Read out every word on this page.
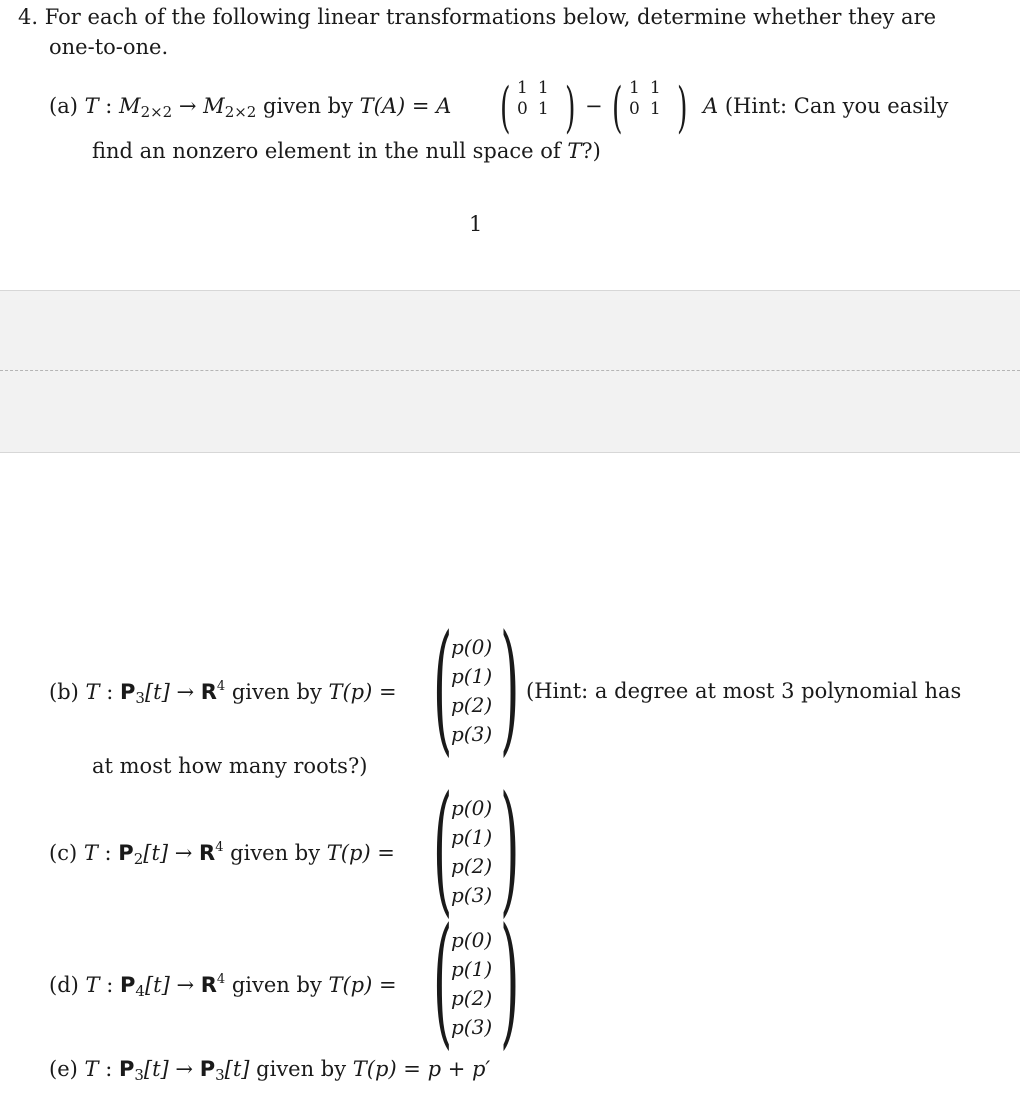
4. For each of the following linear transformations below, determine whether they are
one-to-one.
(a) T : $M_{2\times 2} \to M_{2\times 2}$ given by T(A) = A ( 1 1
0 1 ) − ( 1 1
0 1 ) A (Hint: Can you easily
find an nonzero element in the null space of T?)
1
(b) T : $P_3[t] \to R^4$ given by T(p) = (
p(0)
p(1)
p(2)
p(3) ) (Hint: a degree at most 3 polynomial has
at most how many roots?)
(c) T : $P_2[t] \to R^4$ given by T(p) = (
p(0)
p(1)
p(2)
p(3) )
(d) T : $P_4[t] \to R^4$ given by T(p) = (
p(0)
p(1)
p(2)
p(3) )
(e) T : $P_3[t] \to P_3[t]$ given by T(p) = p + p′
